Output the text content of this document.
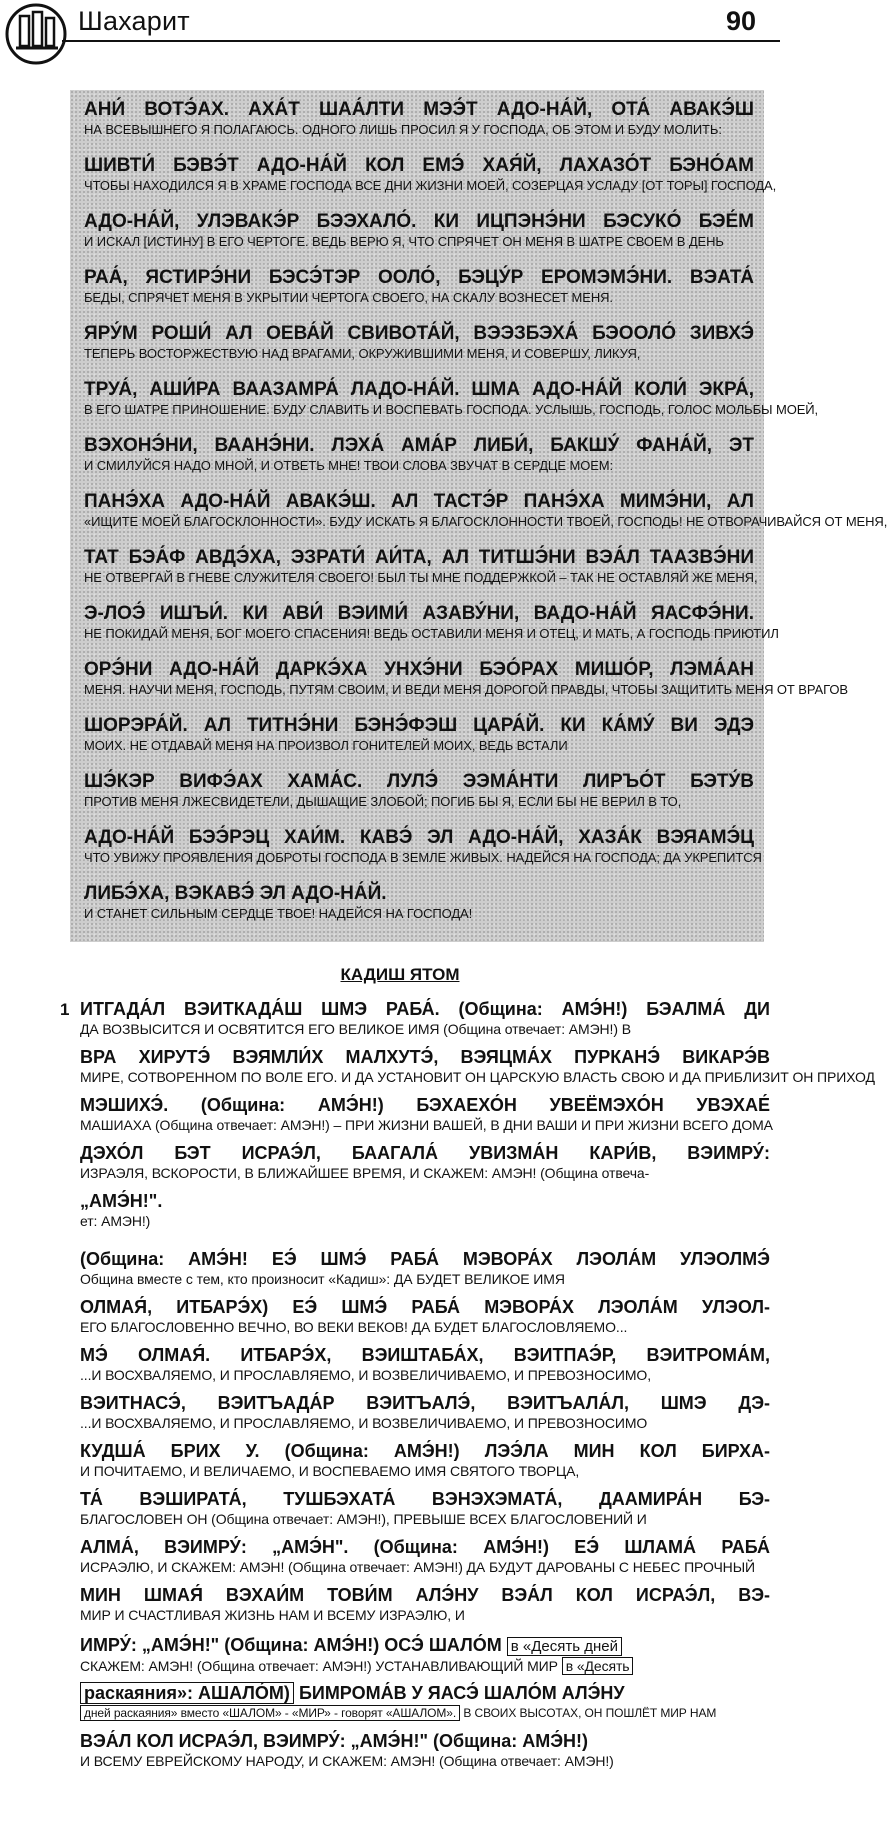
Шахарит	90
АНИ́ ВОТЭ́АХ. АХА́Т ШАА́ЛТИ МЭЭ́Т АДО-НА́Й, ОТА́ АВАКЭ́Ш
НА ВСЕВЫШНЕГО Я ПОЛАГАЮСЬ. ОДНОГО ЛИШЬ ПРОСИЛ Я У ГОСПОДА, ОБ ЭТОМ И БУДУ МОЛИТЬ:
ШИВТИ́ БЭВЭ́Т АДО-НА́Й КОЛ ЕМЭ́ ХАЯ́Й, ЛАХАЗО́Т БЭНО́АМ
ЧТОБЫ НАХОДИЛСЯ Я В ХРАМЕ ГОСПОДА ВСЕ ДНИ ЖИЗНИ МОЕЙ, СОЗЕРЦАЯ УСЛАДУ [ОТ ТОРЫ] ГОСПОДА,
АДО-НА́Й, УЛЭВАКЭ́Р БЭЭХАЛО́. КИ ИЦПЭНЭ́НИ БЭСУКО́ БЭЕ́М
И ИСКАЛ [ИСТИНУ] В ЕГО ЧЕРТОГЕ. ВЕДЬ ВЕРЮ Я, ЧТО СПРЯЧЕТ ОН МЕНЯ В ШАТРЕ СВОЕМ В ДЕНЬ
РАА́, ЯСТИРЭ́НИ БЭСЭ́ТЭР ООЛО́, БЭЦУ́Р ЕРОМЭМЭ́НИ. ВЭАТА́
БЕДЫ, СПРЯЧЕТ МЕНЯ В УКРЫТИИ ЧЕРТОГА СВОЕГО, НА СКАЛУ ВОЗНЕСЕТ МЕНЯ.
ЯРУ́М РОШИ́ АЛ ОЕВА́Й СВИВОТА́Й, ВЭЭЗБЭХА́ БЭООЛО́ ЗИВХЭ́
ТЕПЕРЬ ВОСТОРЖЕСТВУЮ НАД ВРАГАМИ, ОКРУЖИВШИМИ МЕНЯ, И СОВЕРШУ, ЛИКУЯ,
ТРУА́, АШИ́РА ВААЗАМРА́ ЛАДО-НА́Й. ШМА АДО-НА́Й КОЛИ́ ЭКРА́,
В ЕГО ШАТРЕ ПРИНОШЕНИЕ. БУДУ СЛАВИТЬ И ВОСПЕВАТЬ ГОСПОДА. УСЛЫШЬ, ГОСПОДЬ, ГОЛОС МОЛЬБЫ МОЕЙ,
ВЭХОНЭ́НИ, ВААНЭ́НИ. ЛЭХА́ АМА́Р ЛИБИ́, БАКШУ́ ФАНА́Й, ЭТ
И СМИЛУЙСЯ НАДО МНОЙ, И ОТВЕТЬ МНЕ! ТВОИ СЛОВА ЗВУЧАТ В СЕРДЦЕ МОЕМ:
ПАНЭ́ХА АДО-НА́Й АВАКЭ́Ш. АЛ ТАСТЭ́Р ПАНЭ́ХА МИМЭ́НИ, АЛ
«ИЩИТЕ МОЕЙ БЛАГОСКЛОННОСТИ». БУДУ ИСКАТЬ Я БЛАГОСКЛОННОСТИ ТВОЕЙ, ГОСПОДЬ! НЕ ОТВОРАЧИВАЙСЯ ОТ МЕНЯ,
ТАТ БЭА́Ф АВДЭ́ХА, ЭЗРАТИ́ АИ́ТА, АЛ ТИТШЭ́НИ ВЭА́Л ТААЗВЭ́НИ
НЕ ОТВЕРГАЙ В ГНЕВЕ СЛУЖИТЕЛЯ СВОЕГО! БЫЛ ТЫ МНЕ ПОДДЕРЖКОЙ – ТАК НЕ ОСТАВЛЯЙ ЖЕ МЕНЯ,
Э-ЛОЭ́ ИШЪИ́. КИ АВИ́ ВЭИМИ́ АЗАВУ́НИ, ВАДО-НА́Й ЯАСФЭ́НИ.
НЕ ПОКИДАЙ МЕНЯ, БОГ МОЕГО СПАСЕНИЯ! ВЕДЬ ОСТАВИЛИ МЕНЯ И ОТЕЦ, И МАТЬ, А ГОСПОДЬ ПРИЮТИЛ
ОРЭ́НИ АДО-НА́Й ДАРКЭ́ХА УНХЭ́НИ БЭО́РАХ МИШО́Р, ЛЭМА́АН
МЕНЯ. НАУЧИ МЕНЯ, ГОСПОДЬ, ПУТЯМ СВОИМ, И ВЕДИ МЕНЯ ДОРОГОЙ ПРАВДЫ, ЧТОБЫ ЗАЩИТИТЬ МЕНЯ ОТ ВРАГОВ
ШОРЭРА́Й. АЛ ТИТНЭ́НИ БЭНЭ́ФЭШ ЦАРА́Й. КИ КА́МУ́ ВИ ЭДЭ
МОИХ. НЕ ОТДАВАЙ МЕНЯ НА ПРОИЗВОЛ ГОНИТЕЛЕЙ МОИХ, ВЕДЬ ВСТАЛИ
ШЭ́КЭР ВИФЭ́АХ ХАМА́С. ЛУЛЭ́ ЭЭМА́НТИ ЛИРЪО́Т БЭТУ́В
ПРОТИВ МЕНЯ ЛЖЕСВИДЕТЕЛИ, ДЫШАЩИЕ ЗЛОБОЙ; ПОГИБ БЫ Я, ЕСЛИ БЫ НЕ ВЕРИЛ В ТО,
АДО-НА́Й БЭЭ́РЭЦ ХАИ́М. КАВЭ́ ЭЛ АДО-НА́Й, ХАЗА́К ВЭЯАМЭ́Ц
ЧТО УВИЖУ ПРОЯВЛЕНИЯ ДОБРОТЫ ГОСПОДА В ЗЕМЛЕ ЖИВЫХ. НАДЕЙСЯ НА ГОСПОДА; ДА УКРЕПИТСЯ
ЛИБЭ́ХА, ВЭКАВЭ́ ЭЛ АДО-НА́Й.
И СТАНЕТ СИЛЬНЫМ СЕРДЦЕ ТВОЕ! НАДЕЙСЯ НА ГОСПОДА!
КАДИШ ЯТОМ
1 ИТГАДА́Л ВЭИТКАДА́Ш ШМЭ РАБА́. (Община: АМЭ́Н!) БЭАЛМА́ ДИ
ДА ВОЗВЫСИТСЯ И ОСВЯТИТСЯ ЕГО ВЕЛИКОЕ ИМЯ (Община отвечает: АМЭН!) В
ВРА ХИРУТЭ́ ВЭЯМЛИ́Х МАЛХУТЭ́, ВЭЯЦМА́Х ПУРКАНЭ́ ВИКАРЭ́В
МИРЕ, СОТВОРЕННОМ ПО ВОЛЕ ЕГО. И ДА УСТАНОВИТ ОН ЦАРСКУЮ ВЛАСТЬ СВОЮ И ДА ПРИБЛИЗИТ ОН ПРИХОД
МЭШИХЭ́. (Община: АМЭ́Н!) БЭХАЕХО́Н УВЕЁМЭХО́Н УВЭХАЕ́
МАШИАХА (Община отвечает: АМЭН!) – ПРИ ЖИЗНИ ВАШЕЙ, В ДНИ ВАШИ И ПРИ ЖИЗНИ ВСЕГО ДОМА
ДЭХО́Л БЭТ ИСРАЭ́Л, БААГАЛА́ УВИЗМА́Н КАРИ́В, ВЭИМРУ́:
ИЗРАЭЛЯ, ВСКОРОСТИ, В БЛИЖАЙШЕЕ ВРЕМЯ, И СКАЖЕМ: АМЭН! (Община отвеча-
„АМЭ́Н!".
ет: АМЭН!)
(Община: АМЭ́Н! ЕЭ́ ШМЭ́ РАБА́ МЭВОРА́Х ЛЭОЛА́М УЛЭОЛМЭ́
Община вместе с тем, кто произносит «Кадиш»: ДА БУДЕТ ВЕЛИКОЕ ИМЯ
ОЛМАЯ́, ИТБАРЭ́Х) ЕЭ́ ШМЭ́ РАБА́ МЭВОРА́Х ЛЭОЛА́М УЛЭОЛ-
ЕГО БЛАГОСЛОВЕННО ВЕЧНО, ВО ВЕКИ ВЕКОВ! ДА БУДЕТ БЛАГОСЛОВЛЯЕМО...
МЭ́ ОЛМАЯ́. ИТБАРЭ́Х, ВЭИШТАБА́Х, ВЭИТПАЭ́Р, ВЭИТРОМА́М,
...И ВОСХВАЛЯЕМО, И ПРОСЛАВЛЯЕМО, И ВОЗВЕЛИЧИВАЕМО, И ПРЕВОЗНОСИМО,
ВЭИТНАСЭ́, ВЭИТЪАДА́Р ВЭИТЪАЛЭ́, ВЭИТЪАЛА́Л, ШМЭ ДЭ-
...И ВОСХВАЛЯЕМО, И ПРОСЛАВЛЯЕМО, И ВОЗВЕЛИЧИВАЕМО, И ПРЕВОЗНОСИМО
КУДША́ БРИХ У. (Община: АМЭ́Н!) ЛЭЭ́ЛА МИН КОЛ БИРХА-
И ПОЧИТАЕМО, И ВЕЛИЧАЕМО, И ВОСПЕВАЕМО ИМЯ СВЯТОГО ТВОРЦА,
ТА́ ВЭШИРАТА́, ТУШБЭХАТА́ ВЭНЭХЭМАТА́, ДААМИРА́Н БЭ-
БЛАГОСЛОВЕН ОН (Община отвечает: АМЭН!), ПРЕВЫШЕ ВСЕХ БЛАГОСЛОВЕНИЙ И
АЛМА́, ВЭИМРУ́: „АМЭ́Н". (Община: АМЭ́Н!) ЕЭ́ ШЛАМА́ РАБА́
ИСРАЭЛЮ, И СКАЖЕМ: АМЭН! (Община отвечает: АМЭН!) ДА БУДУТ ДАРОВАНЫ С НЕБЕС ПРОЧНЫЙ
МИН ШМАЯ́ ВЭХАИ́М ТОВИ́М АЛЭ́НУ ВЭА́Л КОЛ ИСРАЭ́Л, ВЭ-
МИР И СЧАСТЛИВАЯ ЖИЗНЬ НАМ И ВСЕМУ ИЗРАЭЛЮ, И
ИМРУ́: „АМЭ́Н!" (Община: АМЭ́Н!) ОСЭ́ ШАЛО́М в «Десять дней
СКАЖЕМ: АМЭН! (Община отвечает: АМЭН!) УСТАНАВЛИВАЮЩИЙ МИР в «Десять
раскаяния»: АШАЛО́М) БИМРОМА́В У ЯАСЭ́ ШАЛО́М АЛЭ́НУ
дней раскаяния» вместо «ШАЛОМ» - «МИР» - говорят «АШАЛОМ». В СВОИХ ВЫСОТАХ, ОН ПОШЛЁТ МИР НАМ
ВЭА́Л КОЛ ИСРАЭ́Л, ВЭИМРУ́: „АМЭ́Н!" (Община: АМЭ́Н!)
И ВСЕМУ ЕВРЕЙСКОМУ НАРОДУ, И СКАЖЕМ: АМЭН! (Община отвечает: АМЭН!)
